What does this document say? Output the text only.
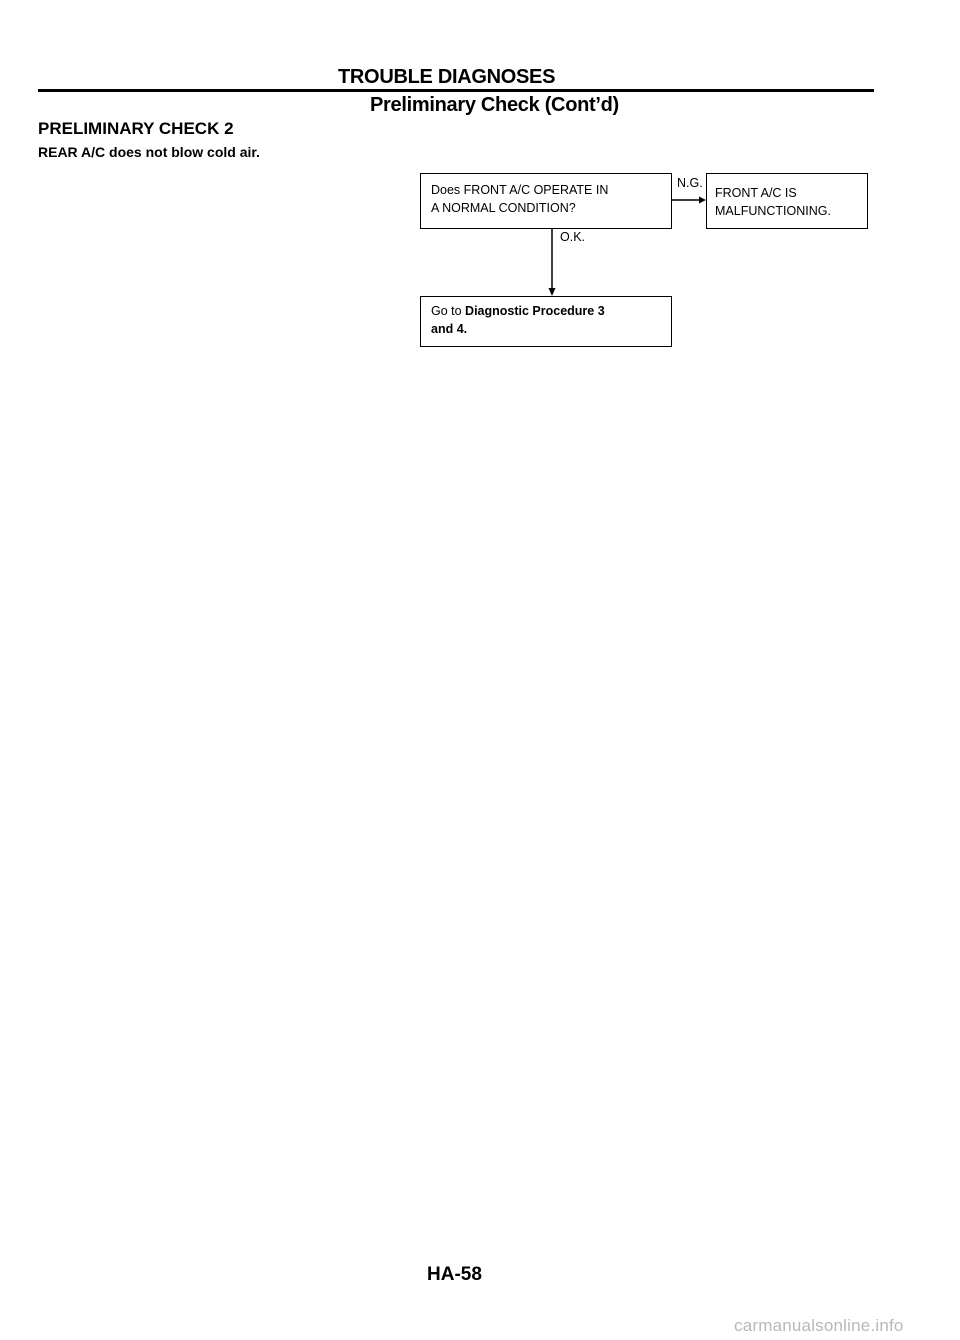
TROUBLE DIAGNOSES
Preliminary Check (Cont’d)
PRELIMINARY CHECK 2
REAR A/C does not blow cold air.
Does FRONT A/C OPERATE IN
A NORMAL CONDITION?
N.G.
FRONT A/C IS
MALFUNCTIONING.
O.K.
Go to Diagnostic Procedure 3
and 4.
HA-58
carmanualsonline.info
